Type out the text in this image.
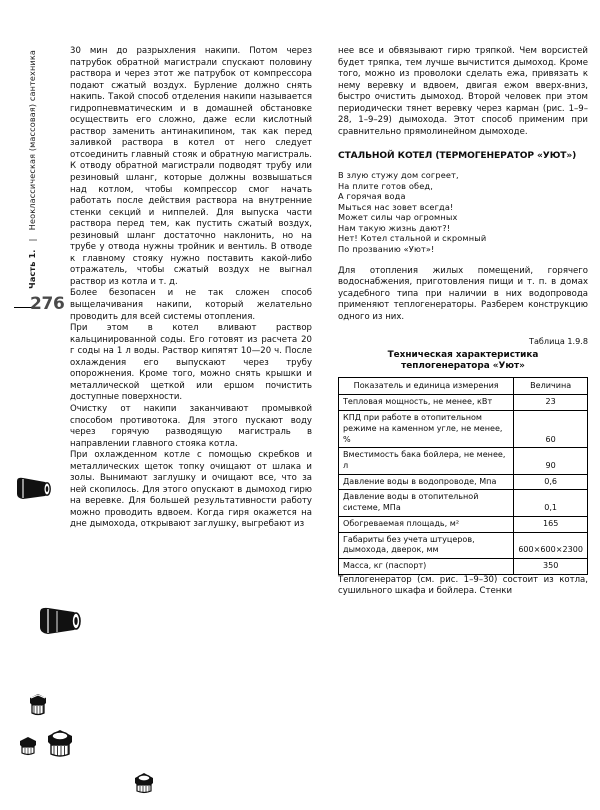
Часть 1.   |   Неоклассическая (массовая) сантехника
276

30 мин до разрыхления накипи. Потом через патрубок обратной магистрали спускают половину раствора и через этот же патрубок от компрессора подают сжатый воздух. Бурление должно снять накипь. Такой способ отделения накипи называется гидропневматическим и в домашней обстановке осуществить его сложно, даже если кислотный раствор заменить антинакипином, так как перед заливкой раствора в котел от него следует отсоединить главный стояк и обратную магистраль. К отводу обратной магистрали подводят трубу или резиновый шланг, которые должны возвышаться над котлом, чтобы компрессор смог начать работать после действия раствора на внутренние стенки секций и ниппелей. Для выпуска части раствора перед тем, как пустить сжатый воздух, резиновый шланг достаточно наклонить, но на трубе у отвода нужны тройник и вентиль. В отводе к главному стояку нужно поставить какой-либо отражатель, чтобы сжатый воздух не выгнал раствор из котла и т. д.

Более безопасен и не так сложен способ выщелачивания накипи, который желательно проводить для всей системы отопления.

При этом в котел вливают раствор кальцинированной соды. Его готовят из расчета 20 г соды на 1 л воды. Раствор кипятят 10—20 ч. После охлаждения его выпускают через трубу опорожнения. Кроме того, можно снять крышки и металлической щеткой или ершом почистить доступные поверхности.

Очистку от накипи заканчивают промывкой способом противотока. Для этого пускают воду через горячую разводящую магистраль в направлении главного стояка котла.

При охлажденном котле с помощью скребков и металлических щеток топку очищают от шлака и золы. Вынимают заглушку и очищают все, что за ней скопилось. Для этого опускают в дымоход гирю на веревке. Для большей результативности работу можно проводить вдвоем. Когда гиря окажется на дне дымохода, открывают заглушку, выгребают из

нее все и обвязывают гирю тряпкой. Чем ворсистей будет тряпка, тем лучше вычистится дымоход. Кроме того, можно из проволоки сделать ежа, привязать к нему веревку и вдвоем, двигая ежом вверх-вниз, быстро очистить дымоход. Второй человек при этом периодически тянет веревку через карман (рис. 1–9–28, 1–9–29) дымохода. Этот способ применим при сравнительно прямолинейном дымоходе.

СТАЛЬНОЙ КОТЕЛ (ТЕРМОГЕНЕРАТОР «УЮТ»)

В злую стужу дом согреет,
На плите готов обед,
А горячая вода
Мыться нас зовет всегда!
Может силы чар огромных
Нам такую жизнь дают?!
Нет! Котел стальной и скромный
По прозванию «Уют»!

Для отопления жилых помещений, горячего водоснабжения, приготовления пищи и т. п. в домах усадебного типа при наличии в них водопровода применяют теплогенераторы. Разберем конструкцию одного из них.

Таблица 1.9.8
Техническая характеристика
теплогенератора «Уют»
Показатель и единица измерения	Величина
Тепловая мощность, не менее, кВт	23
КПД при работе в отопительном режиме на каменном угле, не менее, %	60
Вместимость бака бойлера, не менее, л	90
Давление воды в водопроводе, Мпа	0,6
Давление воды в отопительной системе, МПа	0,1
Обогреваемая площадь, м²	165
Габариты без учета штуцеров, дымохода, дверок, мм	600×600×2300
Масса, кг (паспорт)	350

Теплогенератор (см. рис. 1–9–30) состоит из котла, сушильного шкафа и бойлера. Стенки
